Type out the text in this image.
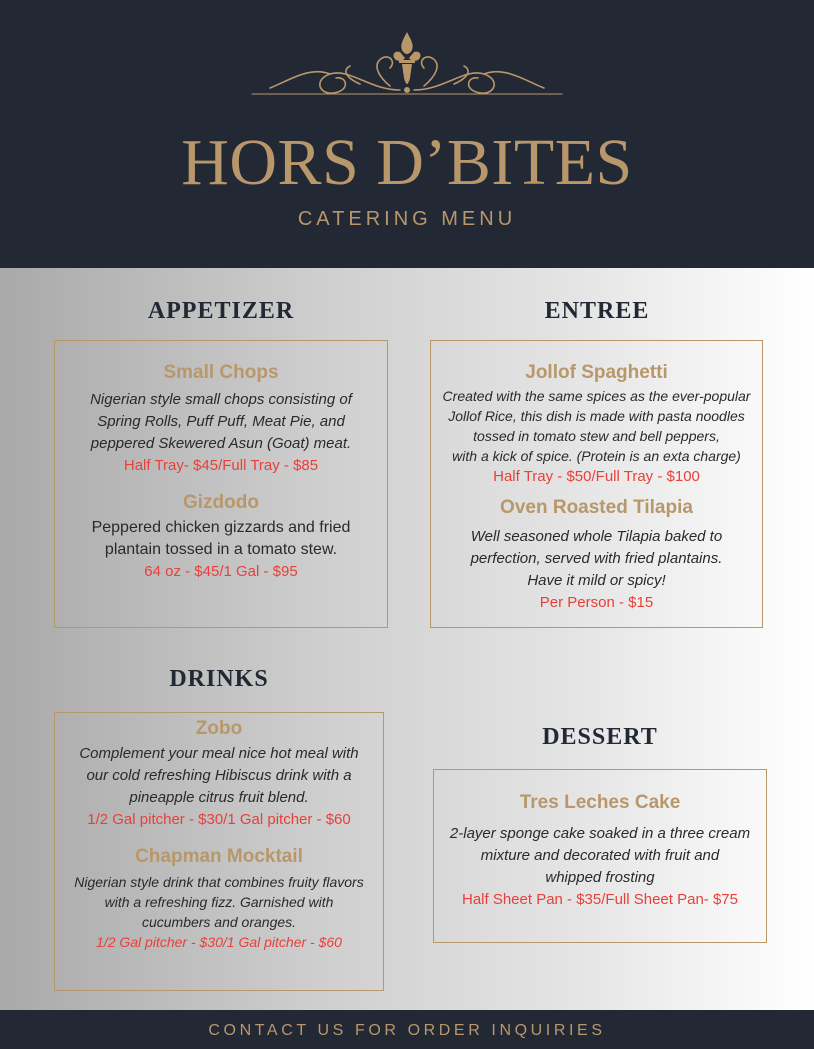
HORS D’BITES
CATERING MENU
APPETIZER
Small Chops
Nigerian style small chops consisting of
Spring Rolls, Puff Puff, Meat Pie, and
peppered Skewered Asun (Goat) meat.
Half Tray- $45/Full Tray - $85
Gizdodo
Peppered chicken gizzards and fried
plantain tossed in a tomato stew.
64 oz - $45/1 Gal - $95
ENTREE
Jollof Spaghetti
Created with the same spices as the ever-popular
Jollof Rice, this dish is made with pasta noodles
tossed in tomato stew and bell peppers,
with a kick of spice. (Protein is an exta charge)
Half Tray - $50/Full Tray - $100
Oven Roasted Tilapia
Well seasoned whole Tilapia baked to
perfection, served with fried plantains.
Have it mild or spicy!
Per Person - $15
DRINKS
Zobo
Complement your meal nice hot meal with
our cold refreshing Hibiscus drink with a
pineapple citrus fruit blend.
1/2 Gal pitcher - $30/1 Gal pitcher - $60
Chapman Mocktail
Nigerian style drink that combines fruity flavors
with a refreshing fizz. Garnished with
cucumbers and oranges.
1/2 Gal pitcher - $30/1 Gal pitcher - $60
DESSERT
Tres Leches Cake
2-layer sponge cake soaked in a three cream
mixture and decorated with fruit and
whipped frosting
Half Sheet Pan - $35/Full Sheet Pan- $75
CONTACT US FOR ORDER INQUIRIES
